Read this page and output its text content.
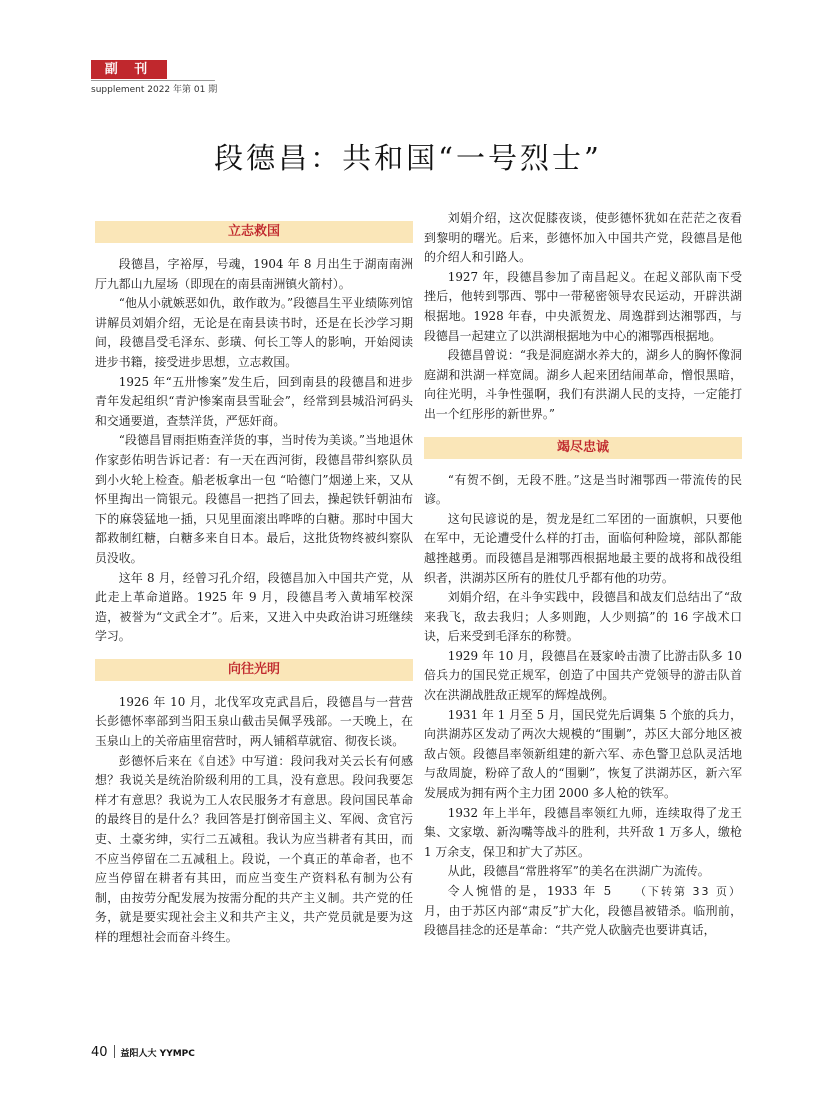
副 刊
supplement 2022 年第 01 期
段德昌：共和国“一号烈士”
立志救国

段德昌，字裕厚，号魂，1904 年 8 月出生于湖南南洲厅九都山九屋场（即现在的南县南洲镇火箭村）。

“他从小就嫉恶如仇，敢作敢为。”段德昌生平业绩陈列馆讲解员刘娟介绍，无论是在南县读书时，还是在长沙学习期间，段德昌受毛泽东、彭璜、何长工等人的影响，开始阅读进步书籍，接受进步思想，立志救国。

1925 年“五卅惨案”发生后，回到南县的段德昌和进步青年发起组织“青沪惨案南县雪耻会”，经常到县城沿河码头和交通要道，查禁洋货，严惩奸商。

“段德昌冒雨拒贿查洋货的事，当时传为美谈。”当地退休作家彭佑明告诉记者：有一天在西河街，段德昌带纠察队员到小火轮上检查。船老板拿出一包 “哈德门”烟递上来，又从怀里掏出一筒银元。段德昌一把挡了回去，操起铁钎朝油布下的麻袋猛地一插，只见里面滚出哗哗的白糖。那时中国大都救制红糖，白糖多来自日本。最后，这批货物终被纠察队员没收。

这年 8 月，经曾习孔介绍，段德昌加入中国共产党，从此走上革命道路。1925 年 9 月，段德昌考入黄埔军校深造，被誉为“文武全才”。后来，又进入中央政治讲习班继续学习。

向往光明

1926 年 10 月，北伐军攻克武昌后，段德昌与一营营长彭德怀率部到当阳玉泉山截击吴佩孚残部。一天晚上，在玉泉山上的关帝庙里宿营时，两人铺稻草就宿、彻夜长谈。

彭德怀后来在《自述》中写道：段问我对关云长有何感想？我说关是统治阶级利用的工具，没有意思。段问我要怎样才有意思？我说为工人农民服务才有意思。段问国民革命的最终目的是什么？我回答是打倒帝国主义、军阀、贪官污吏、土豪劣绅，实行二五减租。我认为应当耕者有其田，而不应当停留在二五减租上。段说，一个真正的革命者，也不应当停留在耕者有其田，而应当变生产资料私有制为公有制，由按劳分配发展为按需分配的共产主义制。共产党的任务，就是要实现社会主义和共产主义，共产党员就是要为这样的理想社会而奋斗终生。

刘娟介绍，这次促膝夜谈，使彭德怀犹如在茫茫之夜看到黎明的曙光。后来，彭德怀加入中国共产党，段德昌是他的介绍人和引路人。

1927 年，段德昌参加了南昌起义。在起义部队南下受挫后，他转到鄂西、鄂中一带秘密领导农民运动，开辟洪湖根据地。1928 年春，中央派贺龙、周逸群到达湘鄂西，与段德昌一起建立了以洪湖根据地为中心的湘鄂西根据地。

段德昌曾说：“我是洞庭湖水养大的，湖乡人的胸怀像洞庭湖和洪湖一样宽阔。湖乡人起来团结闹革命，憎恨黑暗，向往光明，斗争性强啊，我们有洪湖人民的支持，一定能打出一个红彤彤的新世界。”

竭尽忠诚

“有贺不倒，无段不胜。”这是当时湘鄂西一带流传的民谚。

这句民谚说的是，贺龙是红二军团的一面旗帜，只要他在军中，无论遭受什么样的打击，面临何种险境，部队都能越挫越勇。而段德昌是湘鄂西根据地最主要的战将和战役组织者，洪湖苏区所有的胜仗几乎都有他的功劳。

刘娟介绍，在斗争实践中，段德昌和战友们总结出了“敌来我飞，敌去我归；人多则跑，人少则搞”的 16 字战术口诀，后来受到毛泽东的称赞。

1929 年 10 月，段德昌在聂家岭击溃了比游击队多 10 倍兵力的国民党正规军，创造了中国共产党领导的游击队首次在洪湖战胜敌正规军的辉煌战例。

1931 年 1 月至 5 月，国民党先后调集 5 个旅的兵力，向洪湖苏区发动了两次大规模的“围剿”，苏区大部分地区被敌占领。段德昌率领新组建的新六军、赤色警卫总队灵活地与敌周旋，粉碎了敌人的“围剿”，恢复了洪湖苏区，新六军发展成为拥有两个主力团 2000 多人枪的铁军。

1932 年上半年，段德昌率领红九师，连续取得了龙王集、文家墩、新沟嘴等战斗的胜利，共歼敌 1 万多人，缴枪 1 万余支，保卫和扩大了苏区。

从此，段德昌“常胜将军”的美名在洪湖广为流传。

（下转第 33 页）
令人惋惜的是，1933 年 5 月，由于苏区内部“肃反”扩大化，段德昌被错杀。临刑前，段德昌挂念的还是革命：“共产党人砍脑壳也要讲真话，

40 益阳人大 YYMPC
